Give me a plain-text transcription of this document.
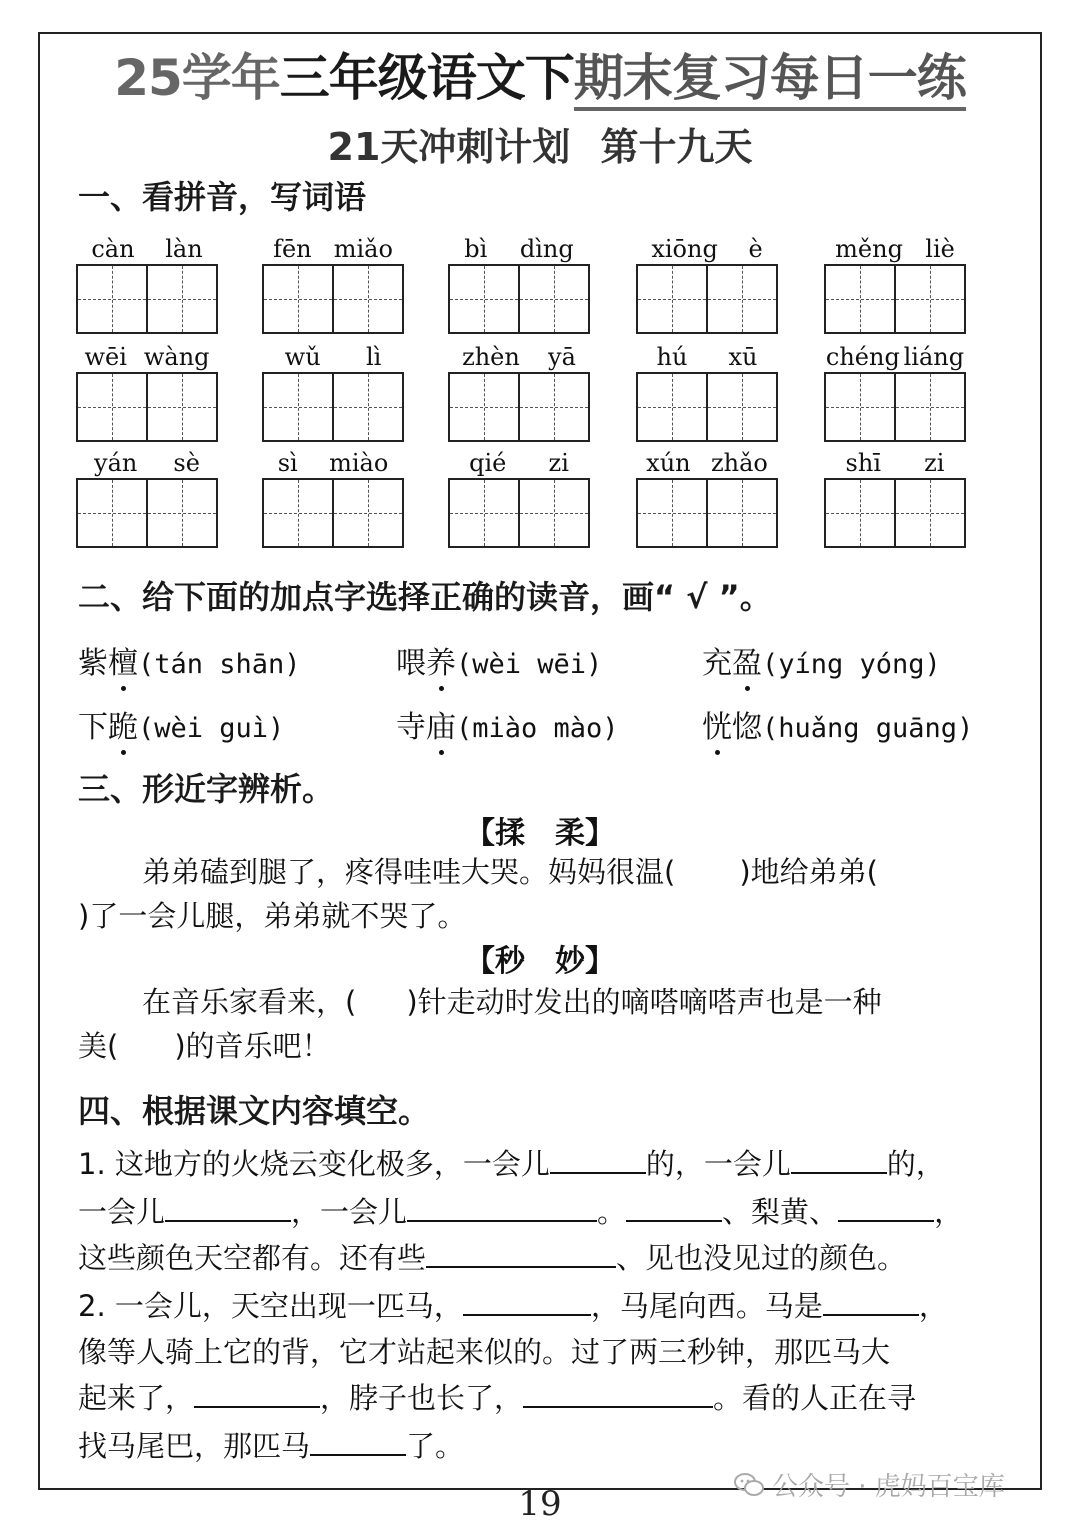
25学年三年级语文下期末复习每日一练
21天冲刺计划 第十九天
一、看拼音，写词语
càn làn	fēn miǎo	bì dìng	xiōng è	měng liè
wēi wàng	wǔ lì	zhèn yā	hú xū	chéng liáng
yán sè	sì miào	qié zi	xún zhǎo	shī zi
二、给下面的加点字选择正确的读音，画“ √ ”。
紫檀(tán shān)	喂养(wèi wēi)	充盈(yíng yóng)
下跪(wèi guì)	寺庙(miào mào)	恍惚(huǎng guāng)
三、形近字辨析。
【揉　柔】
弟弟磕到腿了，疼得哇哇大哭。妈妈很温( )地给弟弟(
)了一会儿腿，弟弟就不哭了。
【秒　妙】
在音乐家看来，( )针走动时发出的嘀嗒嘀嗒声也是一种
美( )的音乐吧！
四、根据课文内容填空。
1. 这地方的火烧云变化极多，一会儿	的，一会儿	的，
一会儿	，一会儿	。	、梨黄、	，
这些颜色天空都有。还有些	、见也没见过的颜色。
2. 一会儿，天空出现一匹马，	，马尾向西。马是	，
像等人骑上它的背，它才站起来似的。过了两三秒钟，那匹马大
起来了，	，脖子也长了，	。看的人正在寻
找马尾巴，那匹马	了。
公众号 · 虎妈百宝库
19
